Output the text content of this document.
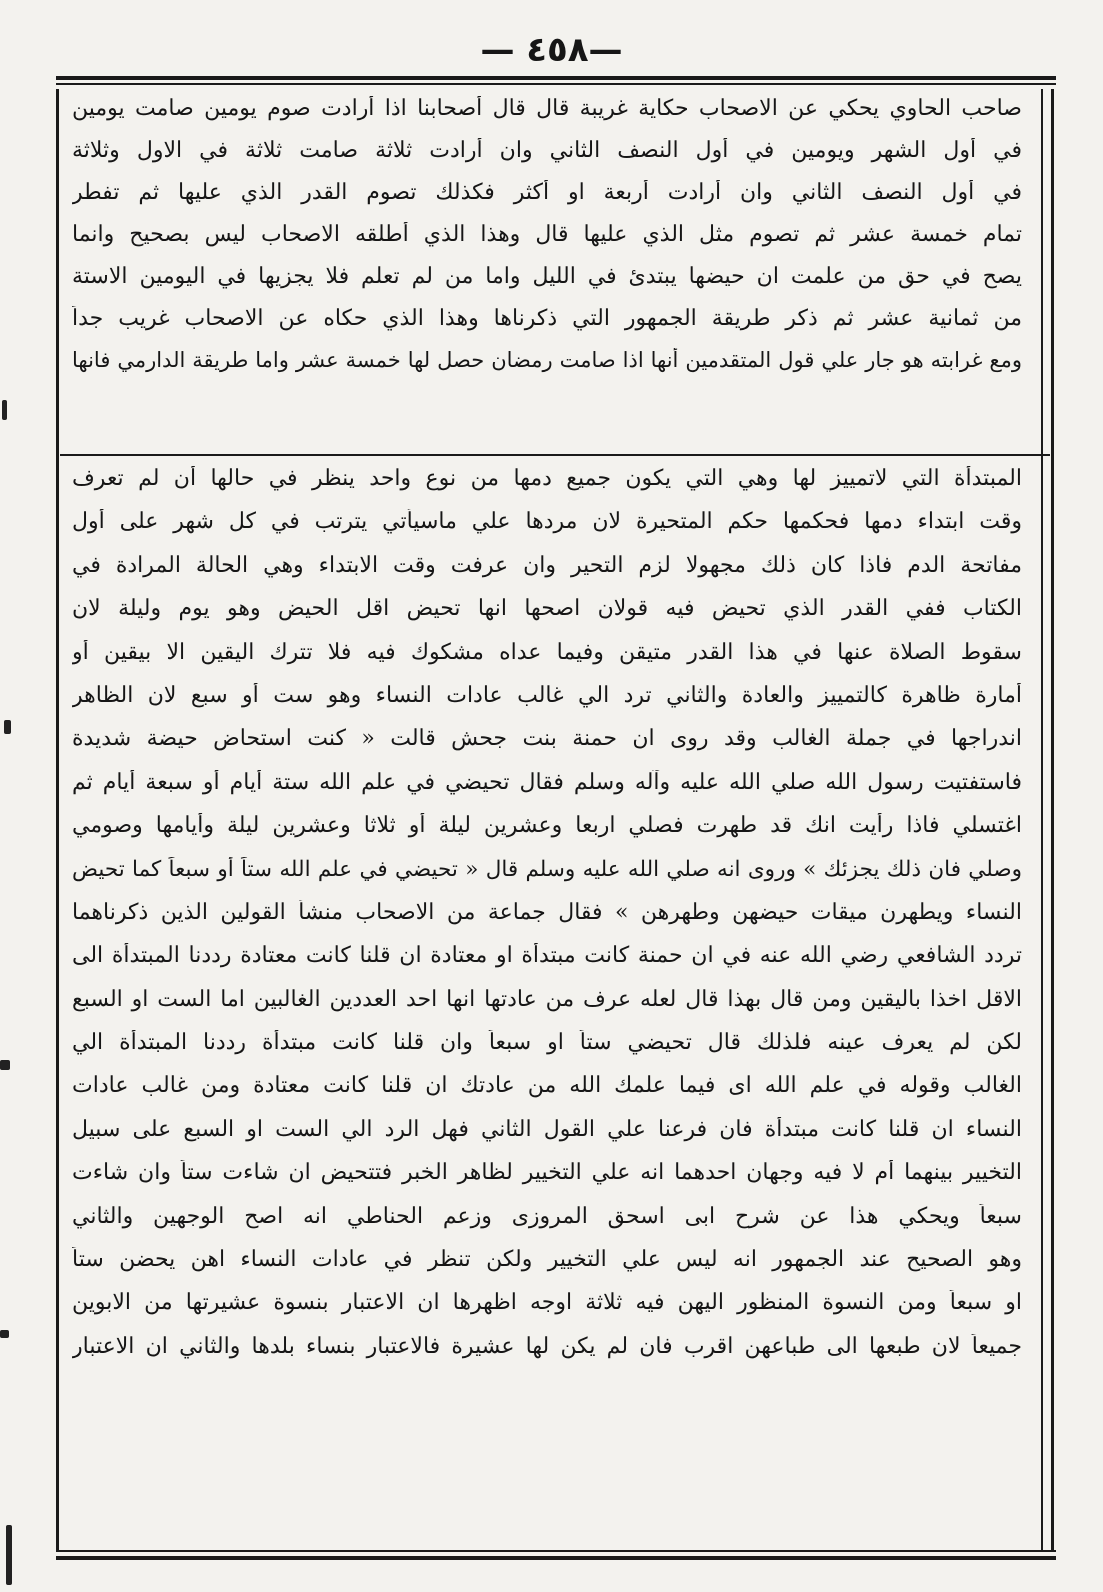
— ٤٥٨—
صاحب الحاوي يحكي عن الاصحاب حكاية غريبة قال قال أصحابنا اذا أرادت صوم يومين صامت يومين
في أول الشهر ويومين في أول النصف الثاني وان أرادت ثلاثة صامت ثلاثة في الاول وثلاثة
في أول النصف الثاني وان أرادت أربعة او أكثر فكذلك تصوم القدر الذي عليها ثم تفطر
تمام خمسة عشر ثم تصوم مثل الذي عليها قال وهذا الذي أطلقه الاصحاب ليس بصحيح وانما
يصح في حق من علمت ان حيضها يبتدئ في الليل واما من لم تعلم فلا يجزيها في اليومين الاستة
من ثمانية عشر ثم ذكر طريقة الجمهور التي ذكرناها وهذا الذي حكاه عن الاصحاب غريب جداً
ومع غرابته هو جار علي قول المتقدمين أنها اذا صامت رمضان حصل لها خمسة عشر واما طريقة الدارمي فانها
المبتدأة التي لاتمييز لها وهي التي يكون جميع دمها من نوع واحد ينظر في حالها أن لم تعرف
وقت ابتداء دمها فحكمها حكم المتحيرة لان مردها علي ماسيأتي يترتب في كل شهر على أول
مفاتحة الدم فاذا كان ذلك مجهولا لزم التحير وان عرفت وقت الابتداء وهي الحالة المرادة في
الكتاب ففي القدر الذي تحيض فيه قولان اصحها انها تحيض اقل الحيض وهو يوم وليلة لان
سقوط الصلاة عنها في هذا القدر متيقن وفيما عداه مشكوك فيه فلا تترك اليقين الا بيقين أو
أمارة ظاهرة كالتمييز والعادة والثاني ترد الي غالب عادات النساء وهو ست أو سبع لان الظاهر
اندراجها في جملة الغالب وقد روى ان حمنة بنت جحش قالت « كنت استحاض حيضة شديدة
فاستفتيت رسول الله صلي الله عليه وآله وسلم فقال تحيضي في علم الله ستة أيام أو سبعة أيام ثم
اغتسلي فاذا رأيت انك قد طهرت فصلي اربعا وعشرين ليلة أو ثلاثا وعشرين ليلة وأيامها وصومي
وصلي فان ذلك يجزئك » وروى انه صلي الله عليه وسلم قال « تحيضي في علم الله ستاً أو سبعاً كما تحيض
النساء ويطهرن ميقات حيضهن وطهرهن » فقال جماعة من الاصحاب منشأ القولين الذين ذكرناهما
تردد الشافعي رضي الله عنه في ان حمنة كانت مبتدأة او معتادة ان قلنا كانت معتادة رددنا المبتدأة الى
الاقل اخذا باليقين ومن قال بهذا قال لعله عرف من عادتها انها احد العددين الغالبين اما الست او السبع
لكن لم يعرف عينه فلذلك قال تحيضي ستاً او سبعاً وان قلنا كانت مبتدأة رددنا المبتدأة الي
الغالب وقوله في علم الله اى فيما علمك الله من عادتك ان قلنا كانت معتادة ومن غالب عادات
النساء ان قلنا كانت مبتدأة فان فرعنا علي القول الثاني فهل الرد الي الست او السبع على سبيل
التخيير بينهما أم لا فيه وجهان احدهما انه علي التخيير لظاهر الخبر فتتحيض ان شاءت ستاً وان شاءت
سبعاً ويحكي هذا عن شرح ابى اسحق المروزى وزعم الحناطي انه اصح الوجهين والثاني
وهو الصحيح عند الجمهور انه ليس علي التخيير ولكن تنظر في عادات النساء اهن يحضن ستاً
او سبعاً ومن النسوة المنظور اليهن فيه ثلاثة اوجه اظهرها ان الاعتبار بنسوة عشيرتها من الابوين
جميعاً لان طبعها الى طباعهن اقرب فان لم يكن لها عشيرة فالاعتبار بنساء بلدها والثاني ان الاعتبار
